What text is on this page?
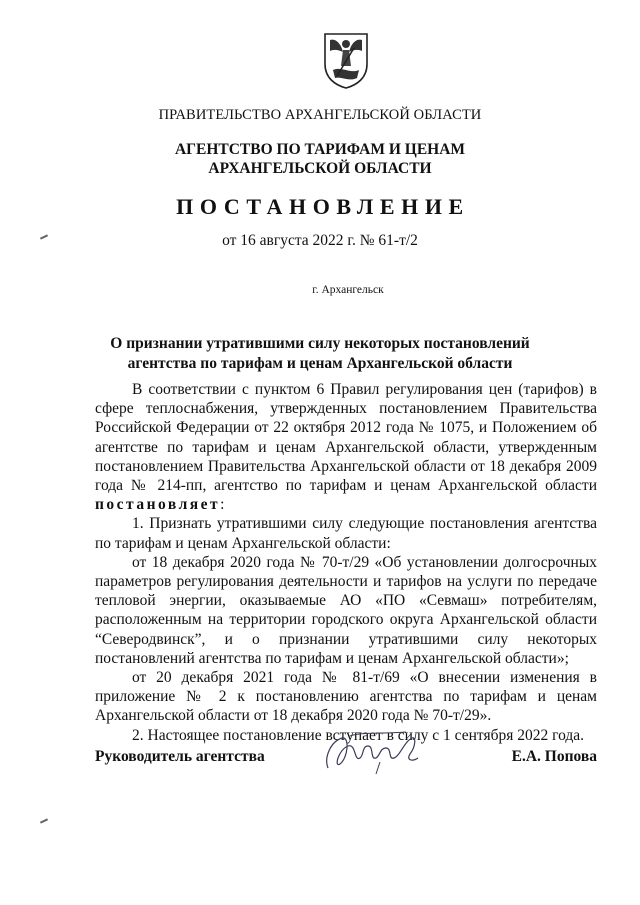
ПРАВИТЕЛЬСТВО АРХАНГЕЛЬСКОЙ ОБЛАСТИ
АГЕНТСТВО ПО ТАРИФАМ И ЦЕНАМ
АРХАНГЕЛЬСКОЙ ОБЛАСТИ
ПОСТАНОВЛЕНИЕ
от 16 августа 2022 г. № 61-т/2
г. Архангельск
О признании утратившими силу некоторых постановлений
агентства по тарифам и ценам Архангельской области

В соответствии с пунктом 6 Правил регулирования цен (тарифов) в сфере теплоснабжения, утвержденных постановлением Правительства Российской Федерации от 22 октября 2012 года № 1075, и Положением об агентстве по тарифам и ценам Архангельской области, утвержденным постановлением Правительства Архангельской области от 18 декабря 2009 года № 214-пп, агентство по тарифам и ценам Архангельской области постановляет:

1. Признать утратившими силу следующие постановления агентства по тарифам и ценам Архангельской области:

от 18 декабря 2020 года № 70-т/29 «Об установлении долгосрочных параметров регулирования деятельности и тарифов на услуги по передаче тепловой энергии, оказываемые АО «ПО «Севмаш» потребителям, расположенным на территории городского округа Архангельской области “Северодвинск”, и о признании утратившими силу некоторых постановлений агентства по тарифам и ценам Архангельской области»;

от 20 декабря 2021 года № 81-т/69 «О внесении изменения в приложение № 2 к постановлению агентства по тарифам и ценам Архангельской области от 18 декабря 2020 года № 70-т/29».

2. Настоящее постановление вступает в силу с 1 сентября 2022 года.

Руководитель агентства	Е.А. Попова
